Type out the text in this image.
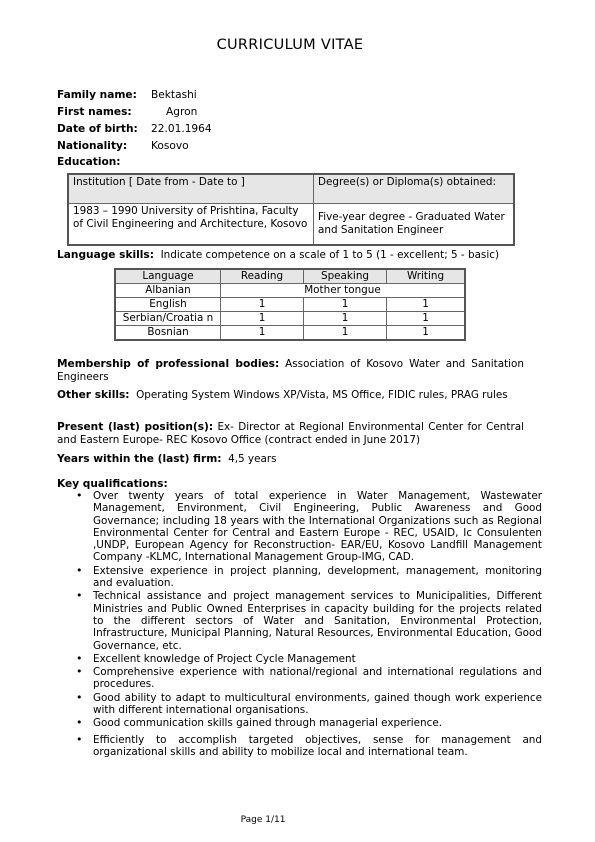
CURRICULUM VITAE
Family name: Bektashi
First names:	Agron
Date of birth: 22.01.1964
Nationality: Kosovo
Education:
Institution [ Date from - Date to ]	Degree(s) or Diploma(s) obtained:
1983 – 1990 University of Prishtina, Faculty of Civil Engineering and Architecture, Kosovo	Five-year degree - Graduated Water and Sanitation Engineer
Language skills: Indicate competence on a scale of 1 to 5 (1 - excellent; 5 - basic)
Language	Reading	Speaking	Writing
Albanian	Mother tongue		
English	1	1	1
Serbian/Croatia n	1	1	1
Bosnian	1	1	1
Membership of professional bodies: Association of Kosovo Water and Sanitation Engineers
Other skills: Operating System Windows XP/Vista, MS Office, FIDIC rules, PRAG rules
Present (last) position(s): Ex- Director at Regional Environmental Center for Central and Eastern Europe- REC Kosovo Office (contract ended in June 2017)
Years within the (last) firm: 4,5 years
Key qualifications:
• Over twenty years of total experience in Water Management, Wastewater Management, Environment, Civil Engineering, Public Awareness and Good Governance; including 18 years with the International Organizations such as Regional Environmental Center for Central and Eastern Europe - REC, USAID, Ic Consulenten ,UNDP, European Agency for Reconstruction- EAR/EU, Kosovo Landfill Management Company -KLMC, International Management Group-IMG, CAD.
• Extensive experience in project planning, development, management, monitoring and evaluation.
• Technical assistance and project management services to Municipalities, Different Ministries and Public Owned Enterprises in capacity building for the projects related to the different sectors of Water and Sanitation, Environmental Protection, Infrastructure, Municipal Planning, Natural Resources, Environmental Education, Good Governance, etc.
• Excellent knowledge of Project Cycle Management
• Comprehensive experience with national/regional and international regulations and procedures.
• Good ability to adapt to multicultural environments, gained though work experience with different international organisations.
• Good communication skills gained through managerial experience.
• Efficiently to accomplish targeted objectives, sense for management and organizational skills and ability to mobilize local and international team.
Page 1/11
